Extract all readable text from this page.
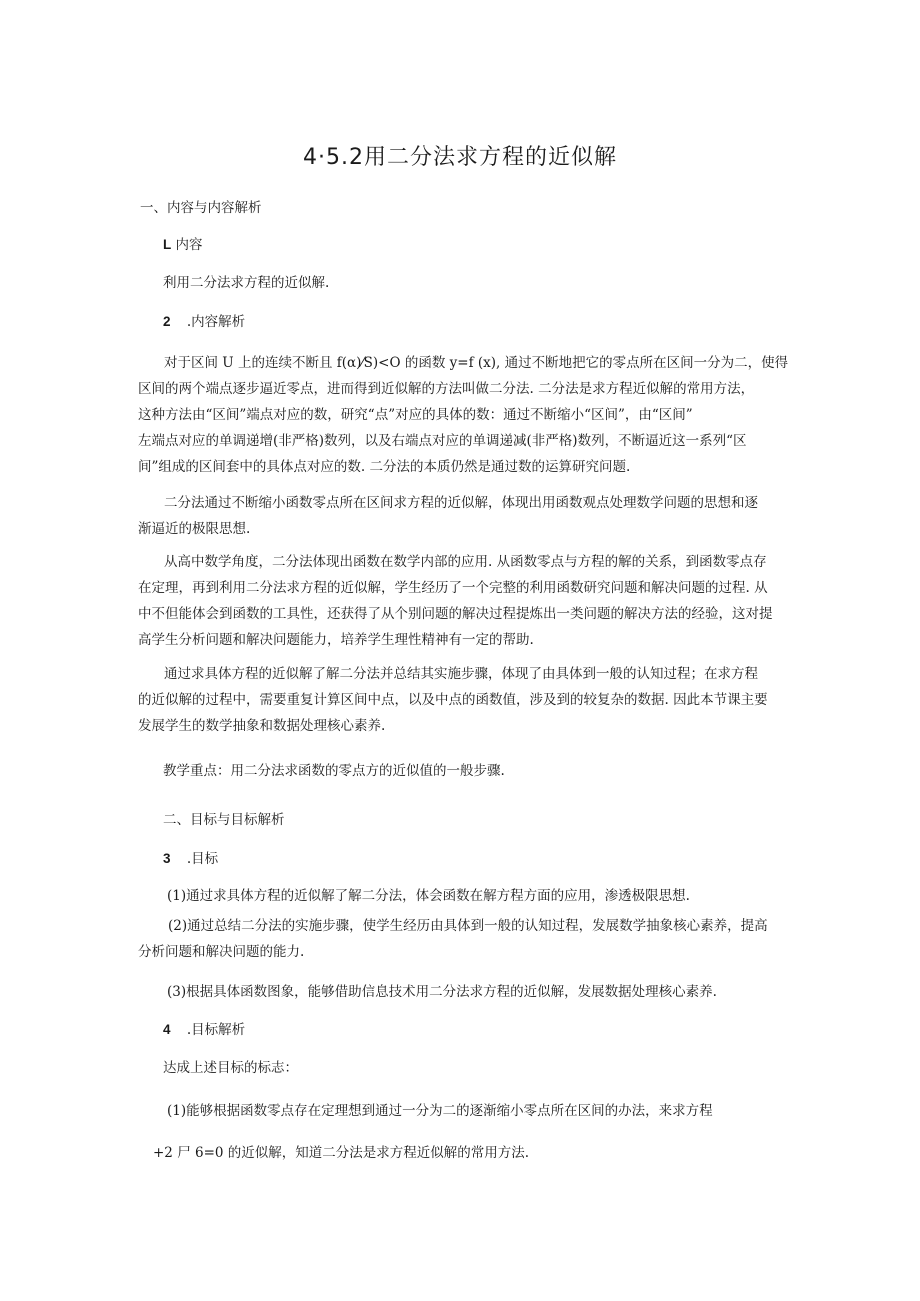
4·5.2用二分法求方程的近似解
一、内容与内容解析
L 内容
利用二分法求方程的近似解.
2 .内容解析
对于区间 U 上的连续不断且 f(α)⁄S)<O 的函数 y=f (x), 通过不断地把它的零点所在区间一分为二，使得
区间的两个端点逐步逼近零点，进而得到近似解的方法叫做二分法. 二分法是求方程近似解的常用方法，
这种方法由“区间”端点对应的数，研究“点”对应的具体的数：通过不断缩小“区间”，由“区间”
左端点对应的单调递增(非严格)数列，以及右端点对应的单调递减(非严格)数列，不断逼近这一系列“区
间”组成的区间套中的具体点对应的数. 二分法的本质仍然是通过数的运算研究问题.
二分法通过不断缩小函数零点所在区间求方程的近似解，体现出用函数观点处理数学问题的思想和逐
渐逼近的极限思想.
从高中数学角度，二分法体现出函数在数学内部的应用. 从函数零点与方程的解的关系，到函数零点存
在定理，再到利用二分法求方程的近似解，学生经历了一个完整的利用函数研究问题和解决问题的过程. 从
中不但能体会到函数的工具性，还获得了从个别问题的解决过程提炼出一类问题的解决方法的经验，这对提
高学生分析问题和解决问题能力，培养学生理性精神有一定的帮助.
通过求具体方程的近似解了解二分法并总结其实施步骤，体现了由具体到一般的认知过程；在求方程
的近似解的过程中，需要重复计算区间中点，以及中点的函数值，涉及到的较复杂的数据. 因此本节课主要
发展学生的数学抽象和数据处理核心素养.
教学重点：用二分法求函数的零点方的近似值的一般步骤.
二、目标与目标解析
3 .目标
(1)通过求具体方程的近似解了解二分法，体会函数在解方程方面的应用，渗透极限思想.
(2)通过总结二分法的实施步骤，使学生经历由具体到一般的认知过程，发展数学抽象核心素养，提高
分析问题和解决问题的能力.
(3)根据具体函数图象，能够借助信息技术用二分法求方程的近似解，发展数据处理核心素养.
4 .目标解析
达成上述目标的标志：
(1)能够根据函数零点存在定理想到通过一分为二的逐渐缩小零点所在区间的办法，来求方程
+2 尸 6=0 的近似解，知道二分法是求方程近似解的常用方法.
